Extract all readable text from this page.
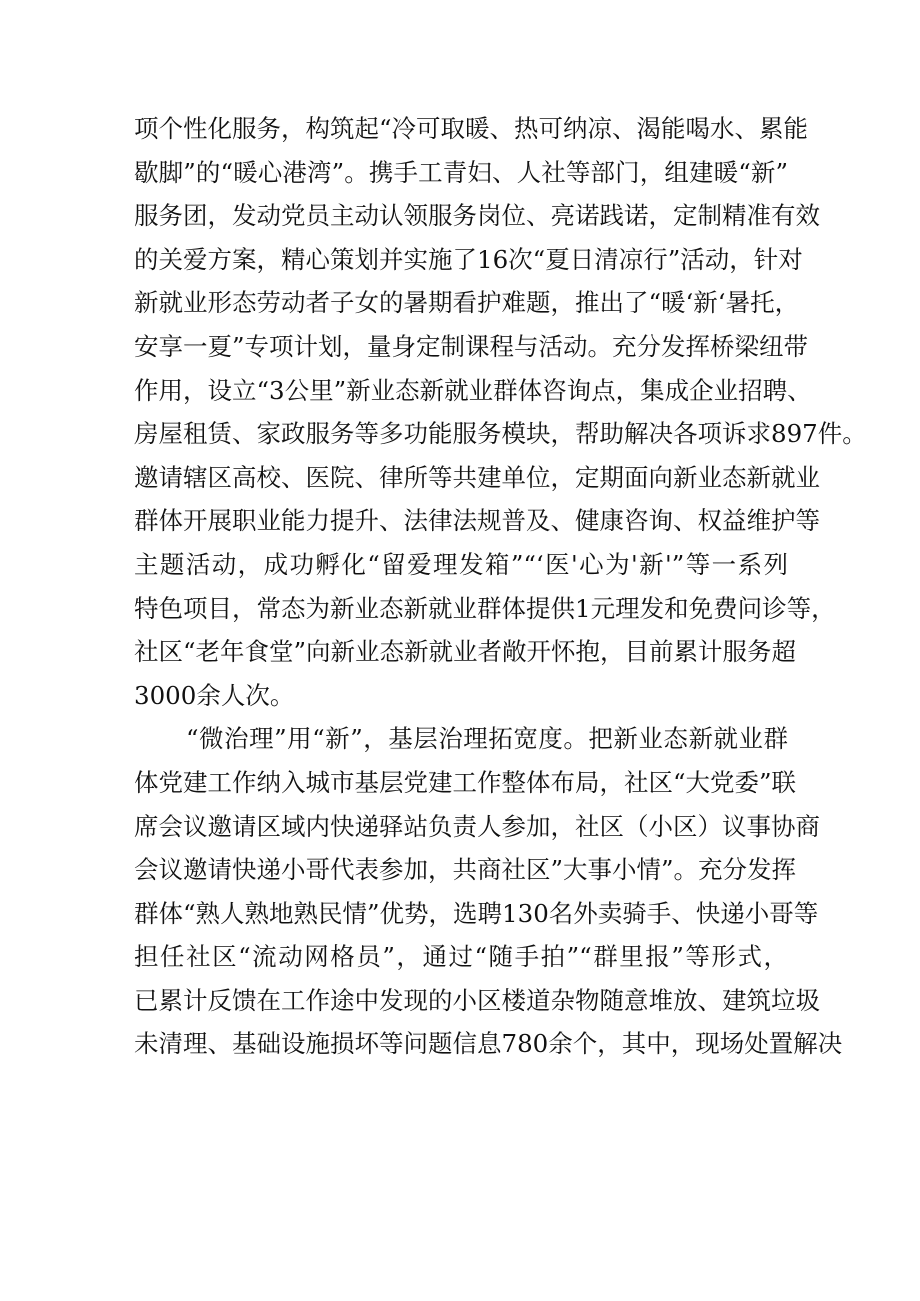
项个性化服务，构筑起“冷可取暖、热可纳凉、渴能喝水、累能
歇脚”的“暖心港湾”。携手工青妇、人社等部门，组建暖“新”
服务团，发动党员主动认领服务岗位、亮诺践诺，定制精准有效
的关爱方案，精心策划并实施了16次“夏日清凉行”活动，针对
新就业形态劳动者子女的暑期看护难题，推出了“暖‘新‘暑托，
安享一夏”专项计划，量身定制课程与活动。充分发挥桥梁纽带
作用，设立“3公里”新业态新就业群体咨询点，集成企业招聘、
房屋租赁、家政服务等多功能服务模块，帮助解决各项诉求897件。
邀请辖区高校、医院、律所等共建单位，定期面向新业态新就业
群体开展职业能力提升、法律法规普及、健康咨询、权益维护等
主题活动，成功孵化“留爱理发箱”“‘医'心为'新'”等一系列
特色项目，常态为新业态新就业群体提供1元理发和免费问诊等，
社区“老年食堂”向新业态新就业者敞开怀抱，目前累计服务超
3000余人次。
“微治理”用“新”，基层治理拓宽度。把新业态新就业群
体党建工作纳入城市基层党建工作整体布局，社区“大党委”联
席会议邀请区域内快递驿站负责人参加，社区（小区）议事协商
会议邀请快递小哥代表参加，共商社区”大事小情”。充分发挥
群体“熟人熟地熟民情”优势，选聘130名外卖骑手、快递小哥等
担任社区“流动网格员”，通过“随手拍”“群里报”等形式，
已累计反馈在工作途中发现的小区楼道杂物随意堆放、建筑垃圾
未清理、基础设施损坏等问题信息780余个，其中，现场处置解决
